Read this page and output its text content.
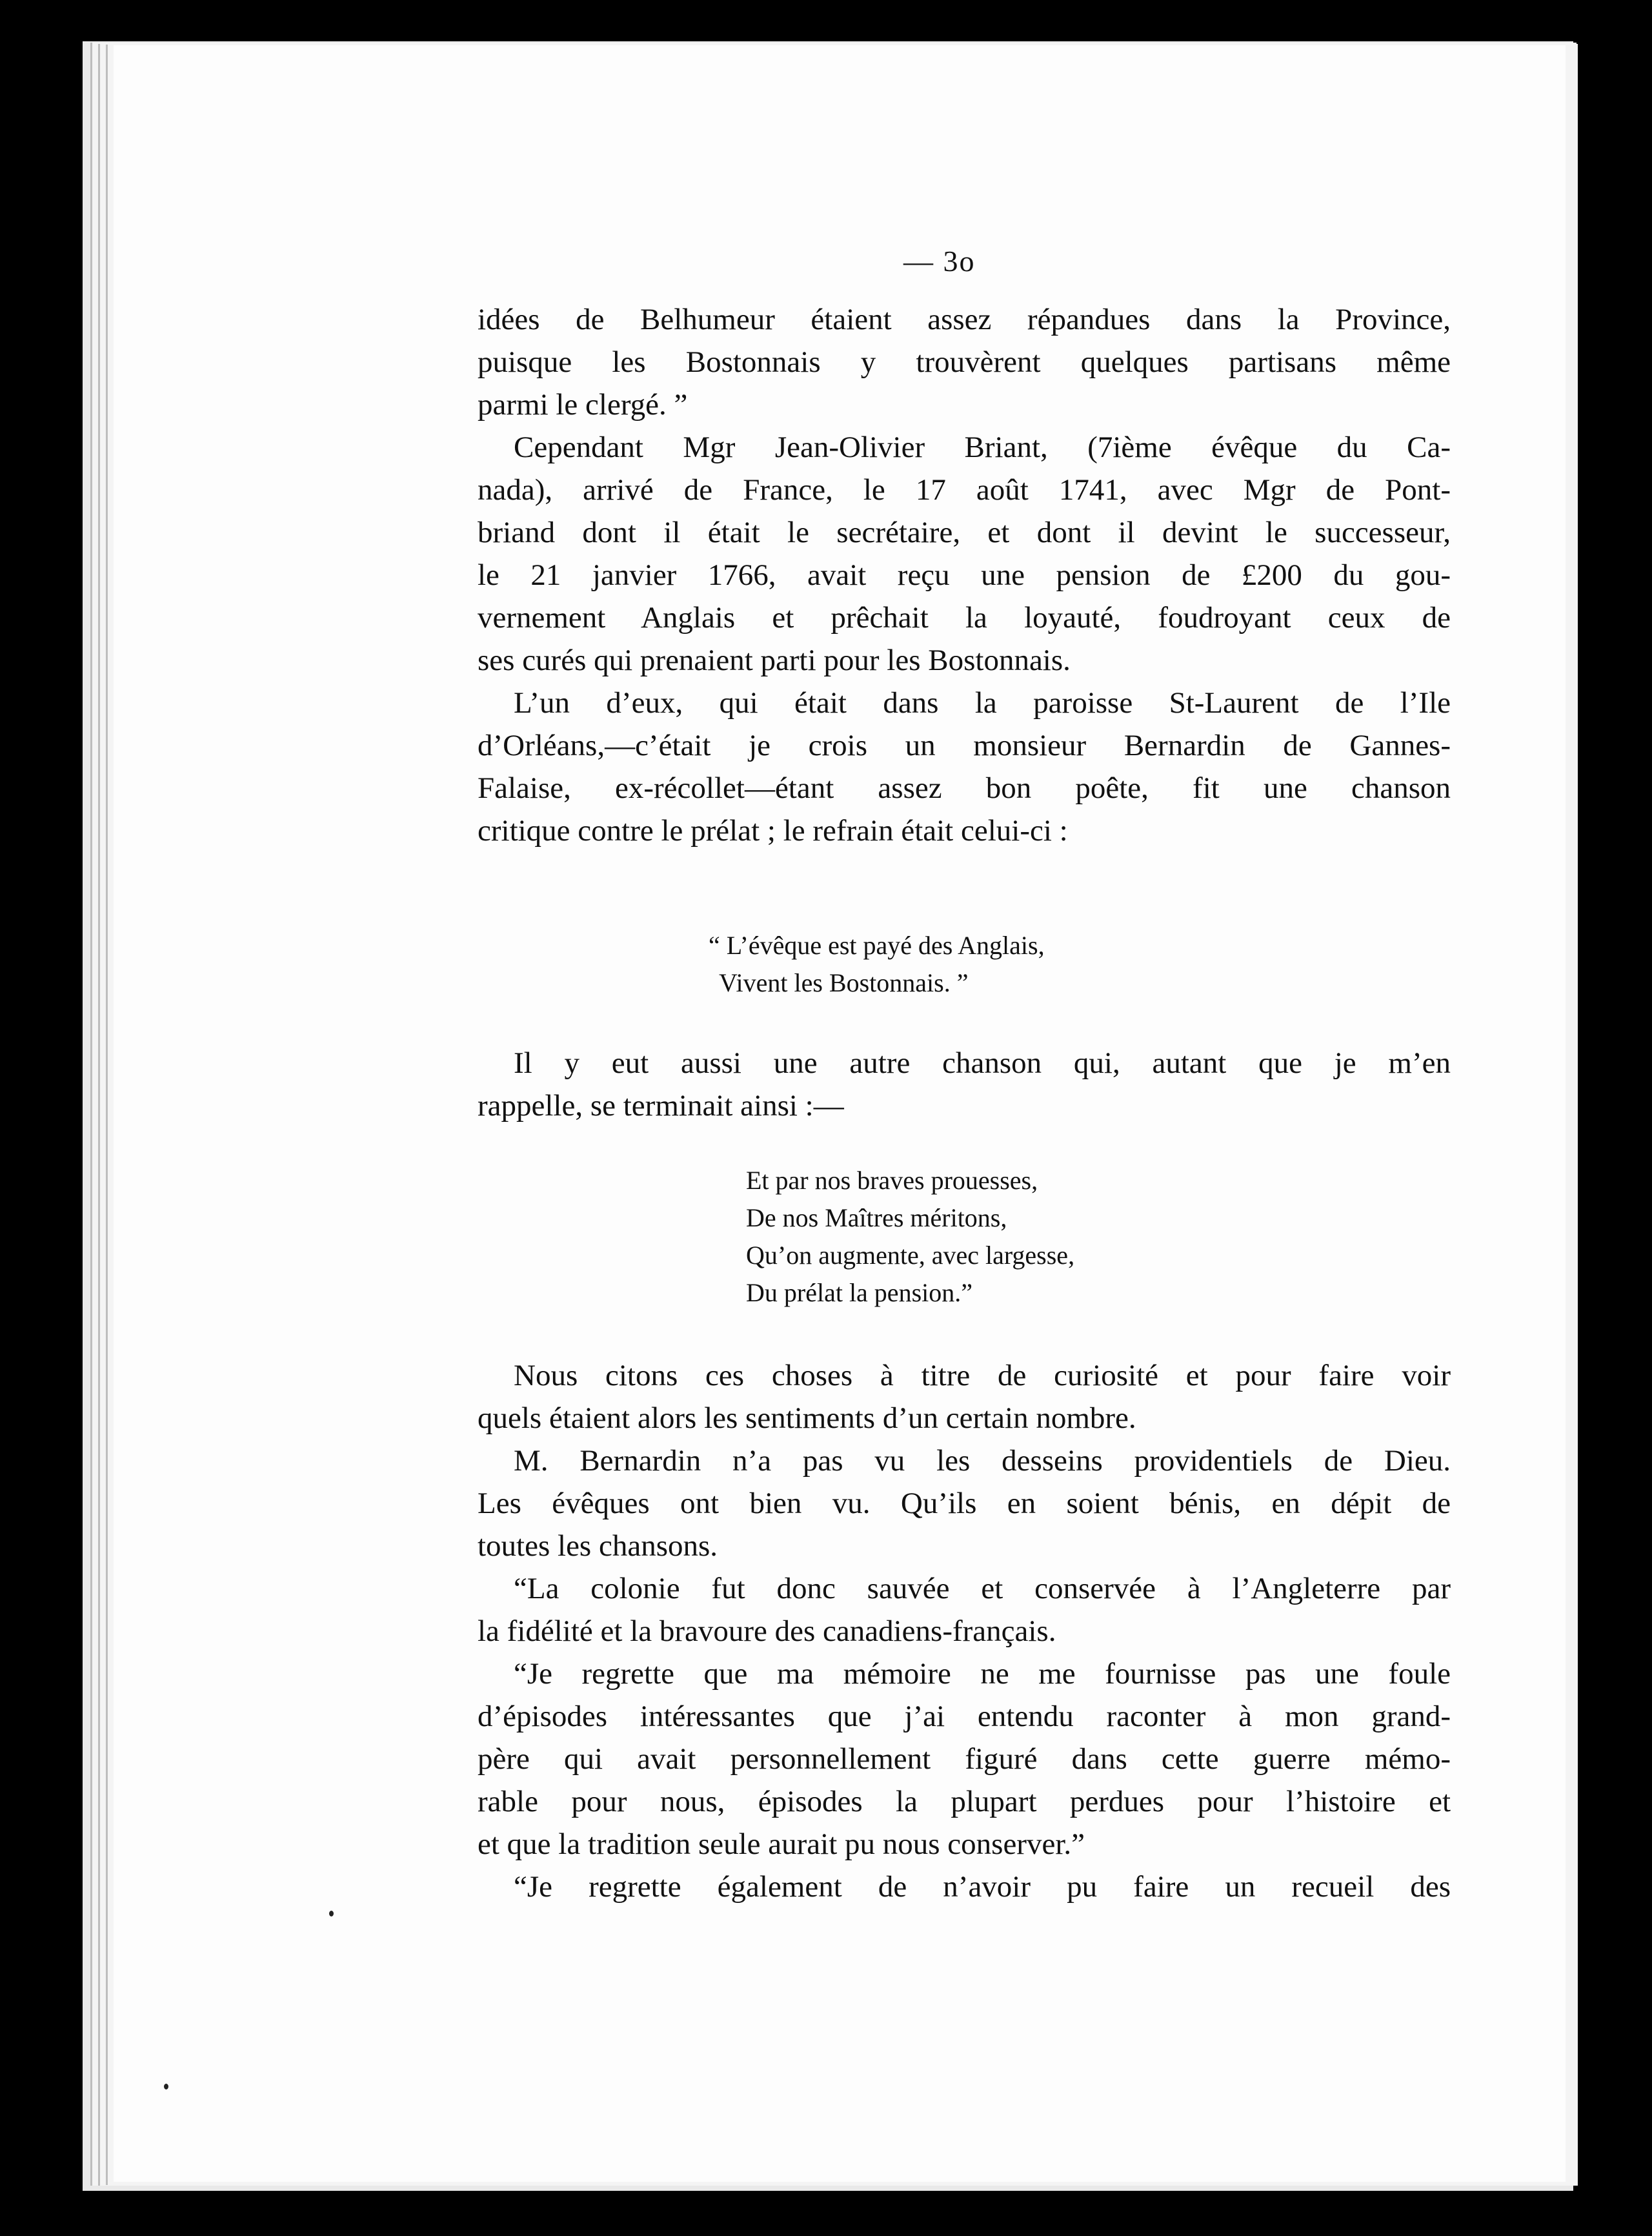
— 3o
idées de Belhumeur étaient assez répandues dans la Province,
puisque les Bostonnais y trouvèrent quelques partisans même
parmi le clergé. ”
Cependant Mgr Jean-Olivier Briant, (7ième évêque du Ca-
nada), arrivé de France, le 17 août 1741, avec Mgr de Pont-
briand dont il était le secrétaire, et dont il devint le successeur,
le 21 janvier 1766, avait reçu une pension de £200 du gou-
vernement Anglais et prêchait la loyauté, foudroyant ceux de
ses curés qui prenaient parti pour les Bostonnais.
L’un d’eux, qui était dans la paroisse St-Laurent de l’Ile
d’Orléans,—c’était je crois un monsieur Bernardin de Gannes-
Falaise, ex-récollet—étant assez bon poête, fit une chanson
critique contre le prélat ; le refrain était celui-ci :
“ L’évêque est payé des Anglais,
Vivent les Bostonnais. ”
Il y eut aussi une autre chanson qui, autant que je m’en
rappelle, se terminait ainsi :—
Et par nos braves prouesses,
De nos Maîtres méritons,
Qu’on augmente, avec largesse,
Du prélat la pension.”
Nous citons ces choses à titre de curiosité et pour faire voir
quels étaient alors les sentiments d’un certain nombre.
M. Bernardin n’a pas vu les desseins providentiels de Dieu.
Les évêques ont bien vu. Qu’ils en soient bénis, en dépit de
toutes les chansons.
“La colonie fut donc sauvée et conservée à l’Angleterre par
la fidélité et la bravoure des canadiens-français.
“Je regrette que ma mémoire ne me fournisse pas une foule
d’épisodes intéressantes que j’ai entendu raconter à mon grand-
père qui avait personnellement figuré dans cette guerre mémo-
rable pour nous, épisodes la plupart perdues pour l’histoire et
et que la tradition seule aurait pu nous conserver.”
“Je regrette également de n’avoir pu faire un recueil des
